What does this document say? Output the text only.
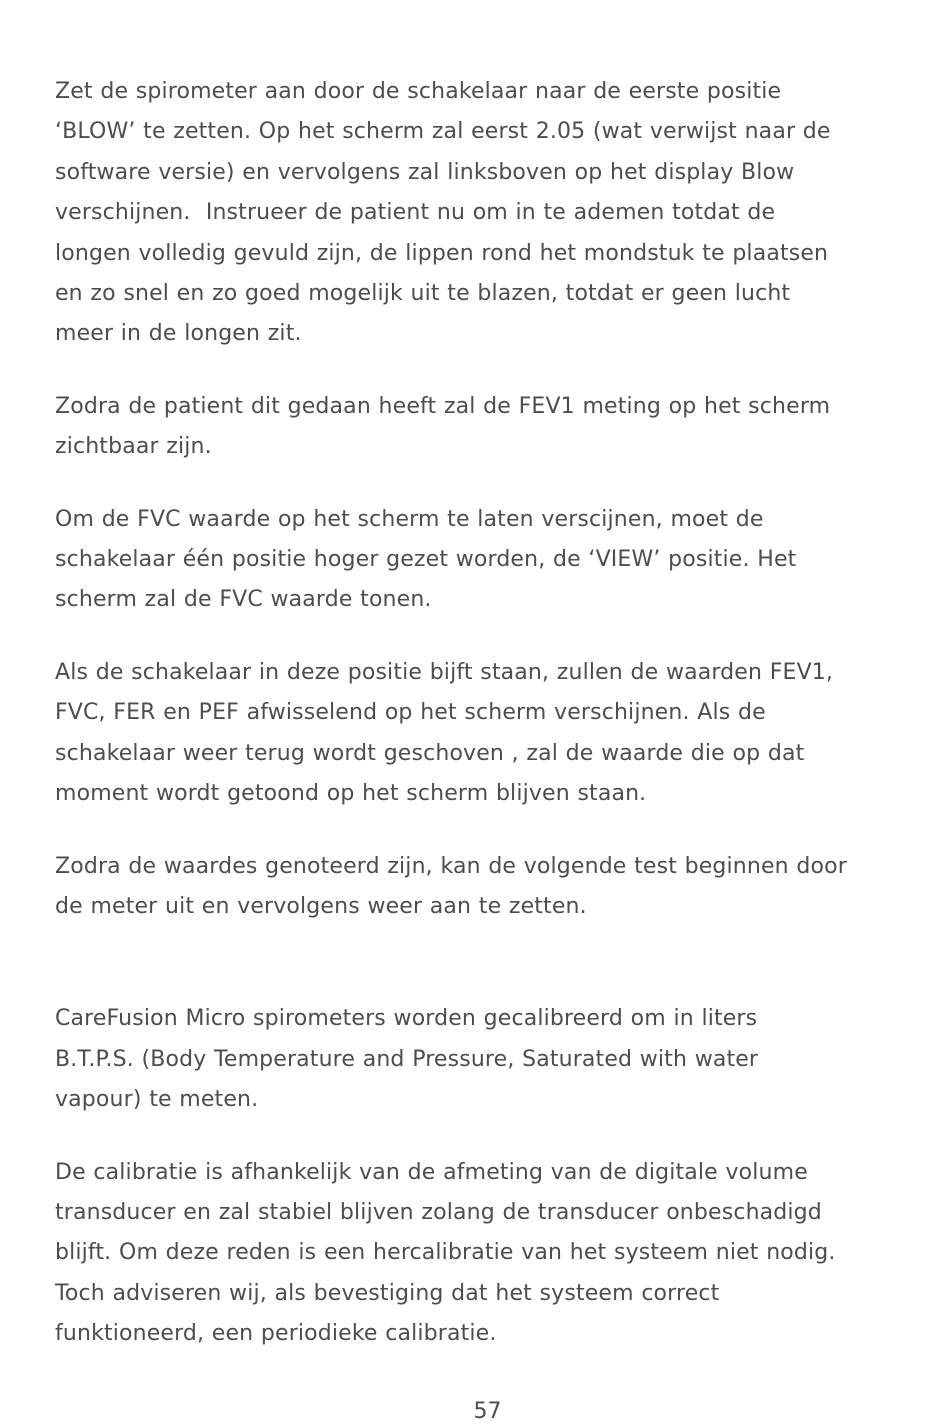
Zet de spirometer aan door de schakelaar naar de eerste positie
‘BLOW’ te zetten. Op het scherm zal eerst 2.05 (wat verwijst naar de
software versie) en vervolgens zal linksboven op het display Blow
verschijnen.  Instrueer de patient nu om in te ademen totdat de
longen volledig gevuld zijn, de lippen rond het mondstuk te plaatsen
en zo snel en zo goed mogelijk uit te blazen, totdat er geen lucht
meer in de longen zit.

Zodra de patient dit gedaan heeft zal de FEV1 meting op het scherm
zichtbaar zijn.

Om de FVC waarde op het scherm te laten verscijnen, moet de
schakelaar één positie hoger gezet worden, de ‘VIEW’ positie. Het
scherm zal de FVC waarde tonen.

Als de schakelaar in deze positie bijft staan, zullen de waarden FEV1,
FVC, FER en PEF afwisselend op het scherm verschijnen. Als de
schakelaar weer terug wordt geschoven , zal de waarde die op dat
moment wordt getoond op het scherm blijven staan.

Zodra de waardes genoteerd zijn, kan de volgende test beginnen door
de meter uit en vervolgens weer aan te zetten.

CareFusion Micro spirometers worden gecalibreerd om in liters
B.T.P.S. (Body Temperature and Pressure, Saturated with water
vapour) te meten.

De calibratie is afhankelijk van de afmeting van de digitale volume
transducer en zal stabiel blijven zolang de transducer onbeschadigd
blijft. Om deze reden is een hercalibratie van het systeem niet nodig.
Toch adviseren wij, als bevestiging dat het systeem correct
funktioneerd, een periodieke calibratie.

57
